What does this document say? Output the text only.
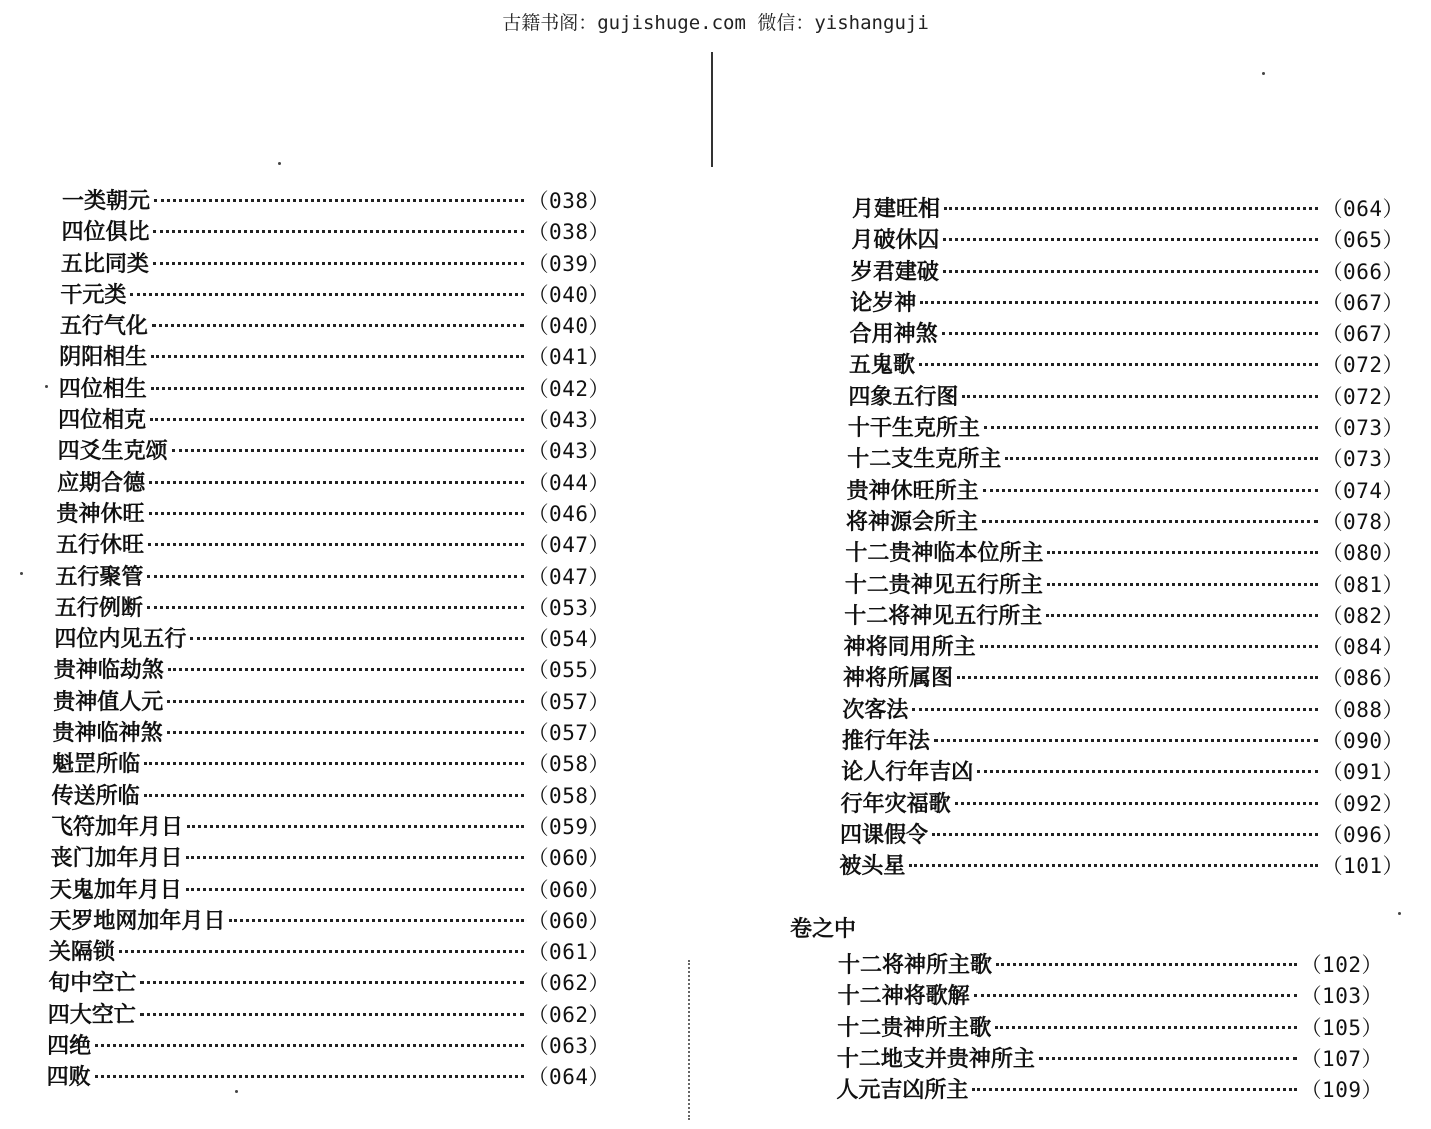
古籍书阁：gujishuge.com 微信：yishanguji
一类朝元	（038）
四位俱比	（038）
五比同类	（039）
干元类	（040）
五行气化	（040）
阴阳相生	（041）
四位相生	（042）
四位相克	（043）
四爻生克颂	（043）
应期合德	（044）
贵神休旺	（046）
五行休旺	（047）
五行聚管	（047）
五行例断	（053）
四位内见五行	（054）
贵神临劫煞	（055）
贵神值人元	（057）
贵神临神煞	（057）
魁罡所临	（058）
传送所临	（058）
飞符加年月日	（059）
丧门加年月日	（060）
天鬼加年月日	（060）
天罗地网加年月日	（060）
关隔锁	（061）
旬中空亡	（062）
四大空亡	（062）
四绝	（063）
四败	（064）
月建旺相	（064）
月破休囚	（065）
岁君建破	（066）
论岁神	（067）
合用神煞	（067）
五鬼歌	（072）
四象五行图	（072）
十干生克所主	（073）
十二支生克所主	（073）
贵神休旺所主	（074）
将神源会所主	（078）
十二贵神临本位所主	（080）
十二贵神见五行所主	（081）
十二将神见五行所主	（082）
神将同用所主	（084）
神将所属图	（086）
次客法	（088）
推行年法	（090）
论人行年吉凶	（091）
行年灾福歌	（092）
四课假令	（096）
被头星	（101）
卷之中
十二将神所主歌	（102）
十二神将歌解	（103）
十二贵神所主歌	（105）
十二地支并贵神所主	（107）
人元吉凶所主	（109）
